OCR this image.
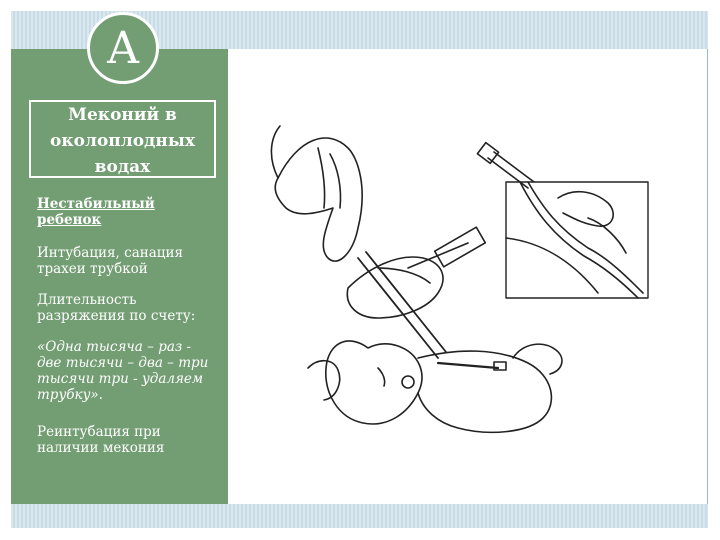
А
Меконий в околоплодных водах
Нестабильный ребенок
Интубация, санация трахеи трубкой
Длительность разряжения по счету:
«Одна тысяча – раз - две тысячи – два – три тысячи три - удаляем трубку».
Реинтубация при наличии мекония
